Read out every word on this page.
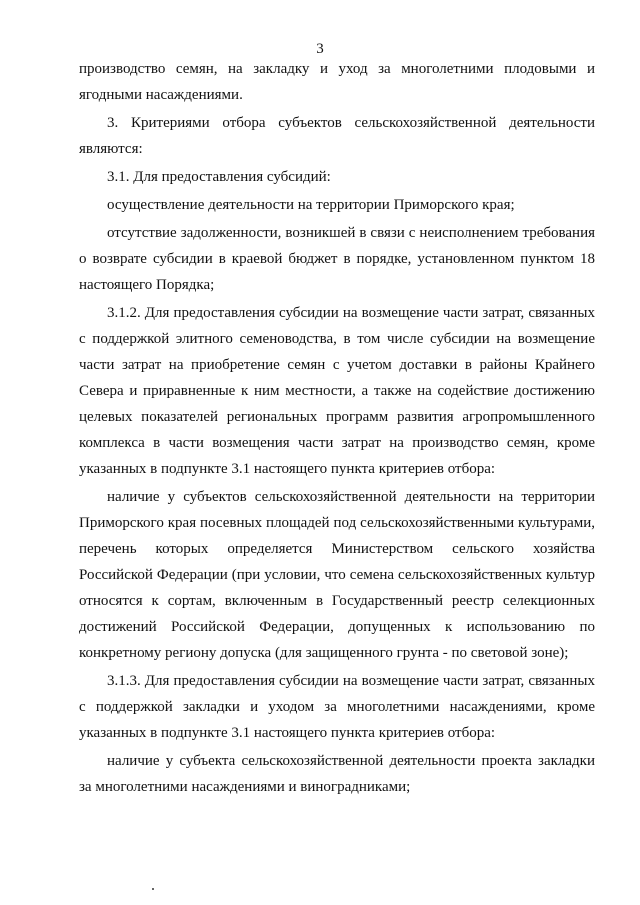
3

производство семян, на закладку и уход за многолетними плодовыми и ягодными насаждениями.

3. Критериями отбора субъектов сельскохозяйственной деятельности являются:

3.1. Для предоставления субсидий:

осуществление деятельности на территории Приморского края;

отсутствие задолженности, возникшей в связи с неисполнением требования о возврате субсидии в краевой бюджет в порядке, установленном пунктом 18 настоящего Порядка;

3.1.2. Для предоставления субсидии на возмещение части затрат, связанных с поддержкой элитного семеноводства, в том числе субсидии на возмещение части затрат на приобретение семян с учетом доставки в районы Крайнего Севера и приравненные к ним местности, а также на содействие достижению целевых показателей региональных программ развития агропромышленного комплекса в части возмещения части затрат на производство семян, кроме указанных в подпункте 3.1 настоящего пункта критериев отбора:

наличие у субъектов сельскохозяйственной деятельности на территории Приморского края посевных площадей под сельскохозяйственными культурами, перечень которых определяется Министерством сельского хозяйства Российской Федерации (при условии, что семена сельскохозяйственных культур относятся к сортам, включенным в Государственный реестр селекционных достижений Российской Федерации, допущенных к использованию по конкретному региону допуска (для защищенного грунта - по световой зоне);

3.1.3. Для предоставления субсидии на возмещение части затрат, связанных с поддержкой закладки и уходом за многолетними насаждениями, кроме указанных в подпункте 3.1 настоящего пункта критериев отбора:

наличие у субъекта сельскохозяйственной деятельности проекта закладки за многолетними насаждениями и виноградниками;
